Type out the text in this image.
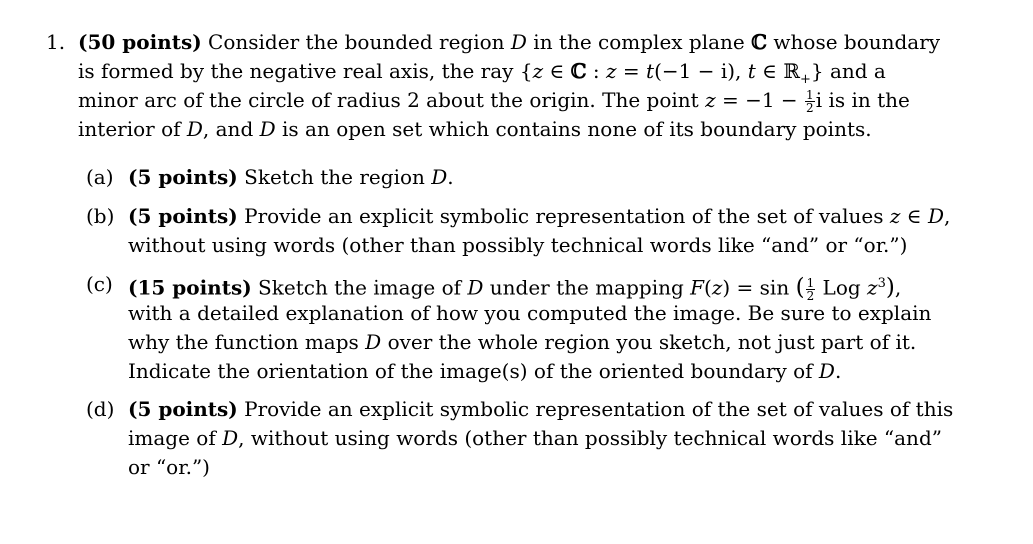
1. (50 points) Consider the bounded region D in the complex plane ℂ whose boundary
is formed by the negative real axis, the ray {z ∈ ℂ : z = t(−1 − i), t ∈ ℝ$_+$} and a
minor arc of the circle of radius 2 about the origin. The point $z = -1 - \frac{1}{2}$ i is in the
interior of D, and D is an open set which contains none of its boundary points.
(a) (5 points) Sketch the region D.
(b) (5 points) Provide an explicit symbolic representation of the set of values z ∈ D,
without using words (other than possibly technical words like “and” or “or.”)
(c) (15 points) Sketch the image of D under the mapping F(z) = sin ( $\frac{1}{2}$ Log $z^3$),
with a detailed explanation of how you computed the image. Be sure to explain
why the function maps D over the whole region you sketch, not just part of it.
Indicate the orientation of the image(s) of the oriented boundary of D.
(d) (5 points) Provide an explicit symbolic representation of the set of values of this
image of D, without using words (other than possibly technical words like “and”
or “or.”)
